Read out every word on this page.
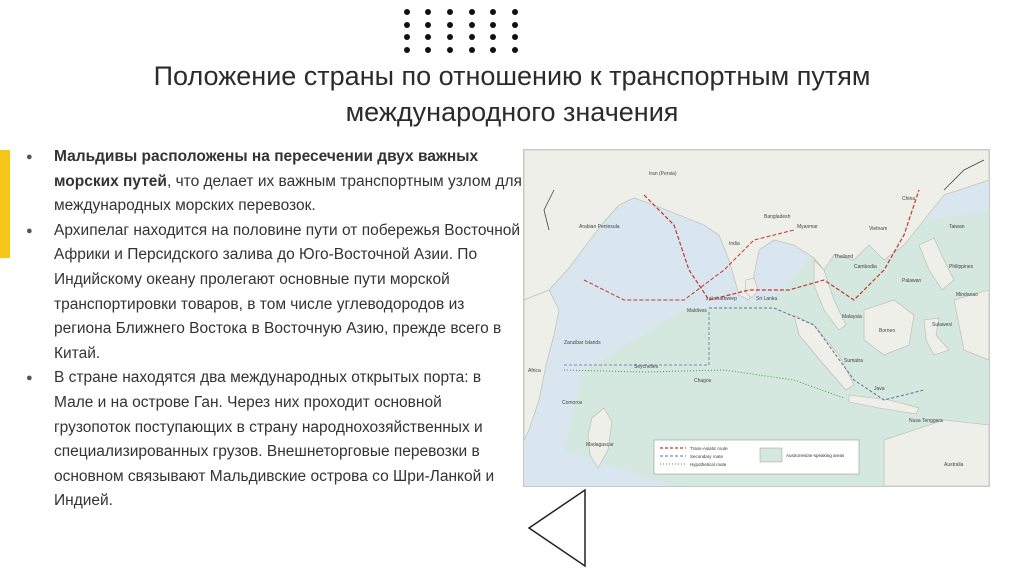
Положение страны по отношению к транспортным путям
международного значения
● Мальдивы расположены на пересечении двух важных морских путей, что делает их важным транспортным узлом для международных морских перевозок.
● Архипелаг находится на половине пути от побережья Восточной Африки и Персидского залива до Юго-Восточной Азии. По Индийскому океану пролегают основные пути морской транспортировки товаров, в том числе углеводородов из региона Ближнего Востока в Восточную Азию, прежде всего в Китай.
● В стране находятся два международных открытых порта: в Мале и на острове Ган. Через них проходит основной грузопоток поступающих в страну народнохозяйственных и специализированных грузов. Внешнеторговые перевозки в основном связывают Мальдивские острова со Шри-Ланкой и Индией.
Trans-Asiatic route
Secondary route
Hypothetical route
Austronesian-speaking areas
Arabian Peninsula
Iran (Persia)
India
Bangladesh
Myanmar
Thailand
Vietnam
Cambodia
China
Taiwan
Sri Lanka
Maldives
Lakshadweep
Malaysia
Sumatra
Borneo
Java
Philippines
Palawan
Mindanao
Sulawesi
Nusa Tenggara
Zanzibar Islands
Seychelles
Chagos
Comoros
Madagascar
Africa
Australia
